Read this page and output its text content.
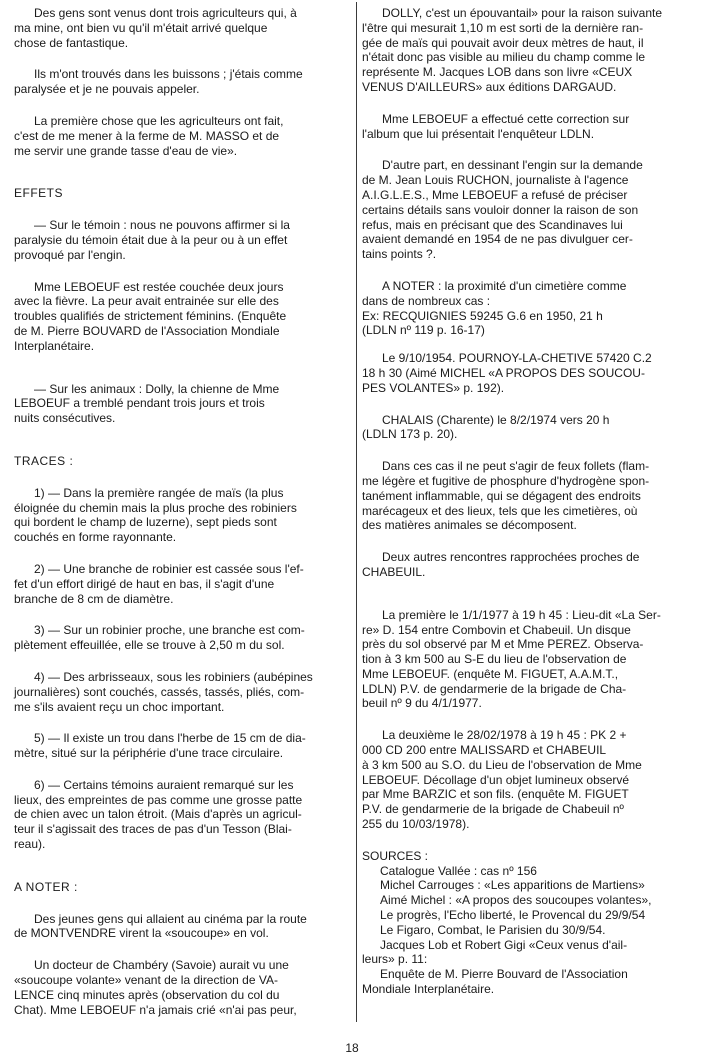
Des gens sont venus dont trois agriculteurs qui, à
ma mine, ont bien vu qu'il m'était arrivé quelque
chose de fantastique.
Ils m'ont trouvés dans les buissons ; j'étais comme
paralysée et je ne pouvais appeler.
La première chose que les agriculteurs ont fait,
c'est de me mener à la ferme de M. MASSO et de
me servir une grande tasse d'eau de vie».
EFFETS
— Sur le témoin : nous ne pouvons affirmer si la
paralysie du témoin était due à la peur ou à un effet
provoqué par l'engin.
Mme LEBOEUF est restée couchée deux jours
avec la fièvre. La peur avait entrainée sur elle des
troubles qualifiés de strictement féminins. (Enquête
de M. Pierre BOUVARD de l'Association Mondiale
Interplanétaire.
— Sur les animaux : Dolly, la chienne de Mme
LEBOEUF a tremblé pendant trois jours et trois
nuits consécutives.
TRACES :
1) — Dans la première rangée de maïs (la plus
éloignée du chemin mais la plus proche des robiniers
qui bordent le champ de luzerne), sept pieds sont
couchés en forme rayonnante.
2) — Une branche de robinier est cassée sous l'ef-
fet d'un effort dirigé de haut en bas, il s'agit d'une
branche de 8 cm de diamètre.
3) — Sur un robinier proche, une branche est com-
plètement effeuillée, elle se trouve à 2,50 m du sol.
4) — Des arbrisseaux, sous les robiniers (aubépines
journalières) sont couchés, cassés, tassés, pliés, com-
me s'ils avaient reçu un choc important.
5) — Il existe un trou dans l'herbe de 15 cm de dia-
mètre, situé sur la périphérie d'une trace circulaire.
6) — Certains témoins auraient remarqué sur les
lieux, des empreintes de pas comme une grosse patte
de chien avec un talon étroit. (Mais d'après un agricul-
teur il s'agissait des traces de pas d'un Tesson (Blai-
reau).
A NOTER :
Des jeunes gens qui allaient au cinéma par la route
de MONTVENDRE virent la «soucoupe» en vol.
Un docteur de Chambéry (Savoie) aurait vu une
«soucoupe volante» venant de la direction de VA-
LENCE cinq minutes après (observation du col du
Chat). Mme LEBOEUF n'a jamais crié «n'ai pas peur,
DOLLY, c'est un épouvantail» pour la raison suivante
l'être qui mesurait 1,10 m est sorti de la dernière ran-
gée de maïs qui pouvait avoir deux mètres de haut, il
n'était donc pas visible au milieu du champ comme le
représente M. Jacques LOB dans son livre «CEUX
VENUS D'AILLEURS» aux éditions DARGAUD.
Mme LEBOEUF a effectué cette correction sur
l'album que lui présentait l'enquêteur LDLN.
D'autre part, en dessinant l'engin sur la demande
de M. Jean Louis RUCHON, journaliste à l'agence
A.I.G.L.E.S., Mme LEBOEUF a refusé de préciser
certains détails sans vouloir donner la raison de son
refus, mais en précisant que des Scandinaves lui
avaient demandé en 1954 de ne pas divulguer cer-
tains points ?.
A NOTER : la proximité d'un cimetière comme
dans de nombreux cas :
Ex: RECQUIGNIES 59245 G.6 en 1950, 21 h
(LDLN nº 119 p. 16-17)
Le 9/10/1954. POURNOY-LA-CHETIVE 57420 C.2
18 h 30 (Aimé MICHEL «A PROPOS DES SOUCOU-
PES VOLANTES» p. 192).
CHALAIS (Charente) le 8/2/1974 vers 20 h
(LDLN 173 p. 20).
Dans ces cas il ne peut s'agir de feux follets (flam-
me légère et fugitive de phosphure d'hydrogène spon-
tanément inflammable, qui se dégagent des endroits
marécageux et des lieux, tels que les cimetières, où
des matières animales se décomposent.
Deux autres rencontres rapprochées proches de
CHABEUIL.
La première le 1/1/1977 à 19 h 45 : Lieu-dit «La Ser-
re» D. 154 entre Combovin et Chabeuil. Un disque
près du sol observé par M et Mme PEREZ. Observa-
tion à 3 km 500 au S-E du lieu de l'observation de
Mme LEBOEUF. (enquête M. FIGUET, A.A.M.T.,
LDLN) P.V. de gendarmerie de la brigade de Cha-
beuil nº 9 du 4/1/1977.
La deuxième le 28/02/1978 à 19 h 45 : PK 2 +
000 CD 200 entre MALISSARD et CHABEUIL
à 3 km 500 au S.O. du Lieu de l'observation de Mme
LEBOEUF. Décollage d'un objet lumineux observé
par Mme BARZIC et son fils. (enquête M. FIGUET
P.V. de gendarmerie de la brigade de Chabeuil nº
255 du 10/03/1978).
SOURCES :
Catalogue Vallée : cas nº 156
Michel Carrouges : «Les apparitions de Martiens»
Aimé Michel : «A propos des soucoupes volantes»,
Le progrès, l'Echo liberté, le Provencal du 29/9/54
Le Figaro, Combat, le Parisien du 30/9/54.
Jacques Lob et Robert Gigi «Ceux venus d'ail-
leurs» p. 11:
Enquête de M. Pierre Bouvard de l'Association
Mondiale Interplanétaire.
18
